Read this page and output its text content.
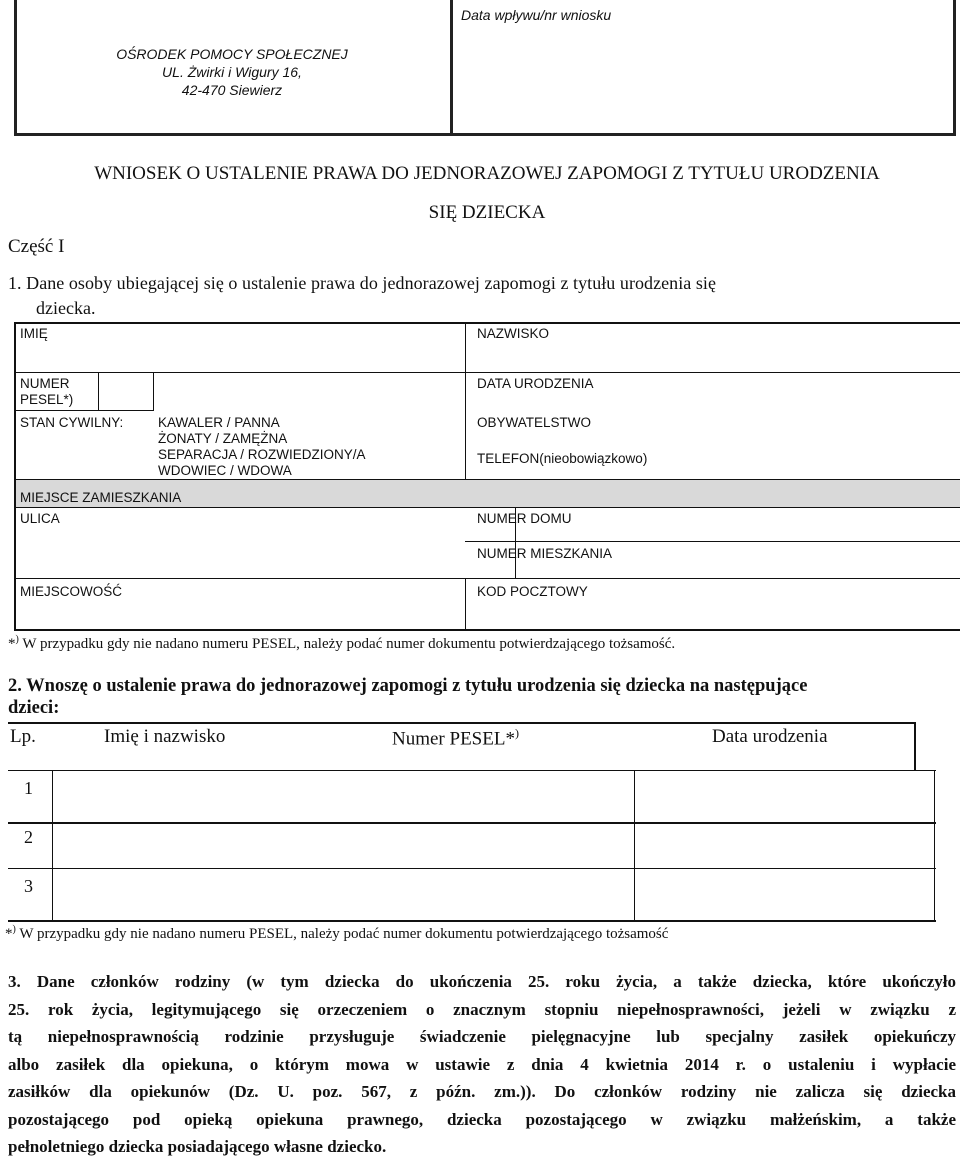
Data wpływu/nr wniosku
OŚRODEK POMOCY SPOŁECZNEJ
UL. Żwirki i Wigury 16,
42-470 Siewierz
WNIOSEK O USTALENIE PRAWA DO JEDNORAZOWEJ ZAPOMOGI Z TYTUŁU URODZENIA
SIĘ DZIECKA
Część I
1. Dane osoby ubiegającej się o ustalenie prawa do jednorazowej zapomogi z tytułu urodzenia się
dziecka.
IMIĘ	NAZWISKO
NUMER
PESEL*)
DATA URODZENIA
STAN CYWILNY:	KAWALER / PANNA
ŻONATY / ZAMĘŻNA
SEPARACJA / ROZWIEDZIONY/A
WDOWIEC / WDOWA
OBYWATELSTWO
TELEFON(nieobowiązkowo)
MIEJSCE ZAMIESZKANIA
ULICA	NUMER DOMU
NUMER MIESZKANIA
MIEJSCOWOŚĆ	KOD POCZTOWY
*) W przypadku gdy nie nadano numeru PESEL, należy podać numer dokumentu potwierdzającego tożsamość.
2. Wnoszę o ustalenie prawa do jednorazowej zapomogi z tytułu urodzenia się dziecka na następujące
dzieci:
Lp.	Imię i nazwisko	Numer PESEL*)	Data urodzenia
1
2
3
*) W przypadku gdy nie nadano numeru PESEL, należy podać numer dokumentu potwierdzającego tożsamość
3. Dane członków rodziny (w tym dziecka do ukończenia 25. roku życia, a także dziecka, które ukończyło
25. rok życia, legitymującego się orzeczeniem o znacznym stopniu niepełnosprawności, jeżeli w związku z
tą niepełnosprawnością rodzinie przysługuje świadczenie pielęgnacyjne lub specjalny zasiłek opiekuńczy
albo zasiłek dla opiekuna, o którym mowa w ustawie z dnia 4 kwietnia 2014 r. o ustaleniu i wypłacie
zasiłków dla opiekunów (Dz. U. poz. 567, z późn. zm.)). Do członków rodziny nie zalicza się dziecka
pozostającego pod opieką opiekuna prawnego, dziecka pozostającego w związku małżeńskim, a także
pełnoletniego dziecka posiadającego własne dziecko.
